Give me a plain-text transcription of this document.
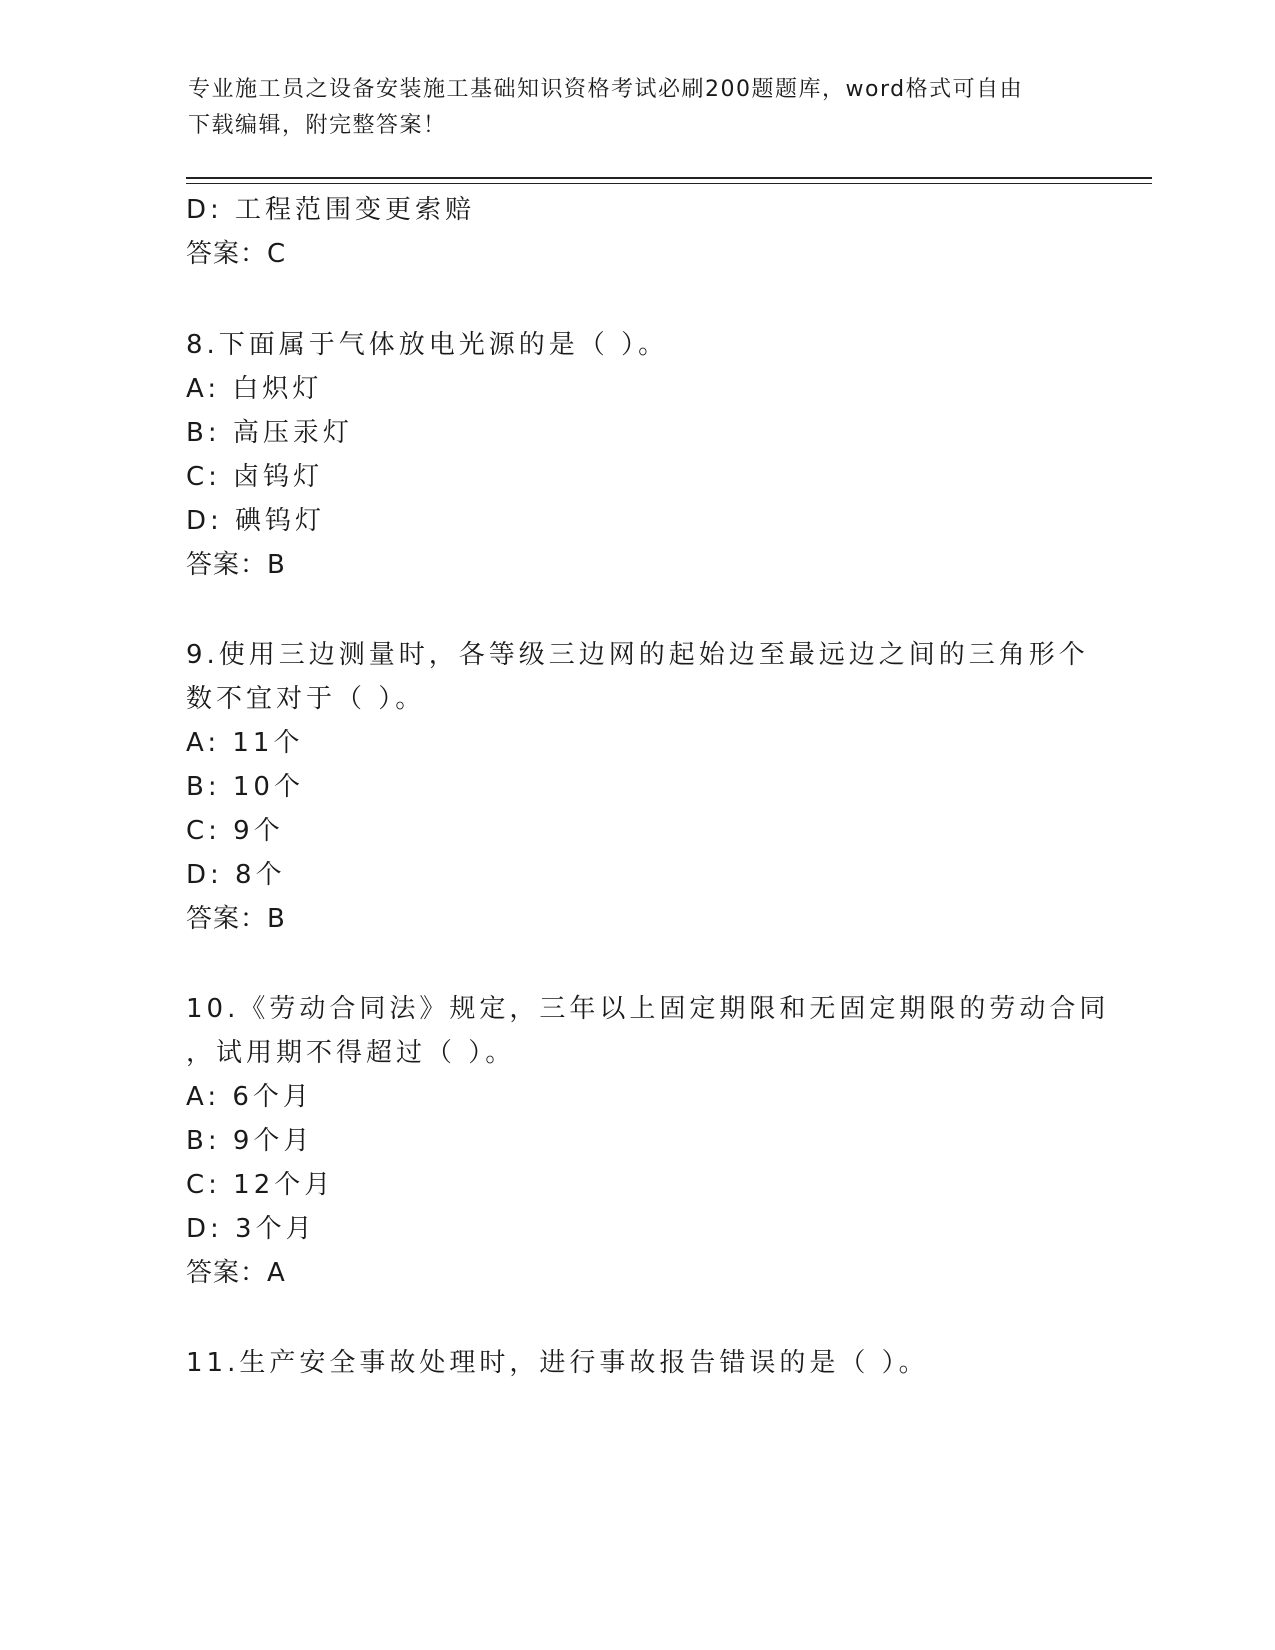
专业施工员之设备安装施工基础知识资格考试必刷200题题库，word格式可自由
下载编辑，附完整答案！
D: 工程范围变更索赔
答案：C
8.下面属于气体放电光源的是（ ）。
A: 白炽灯
B: 高压汞灯
C: 卤钨灯
D: 碘钨灯
答案：B
9.使用三边测量时，各等级三边网的起始边至最远边之间的三角形个
数不宜对于（ ）。
A: 11个
B: 10个
C: 9个
D: 8个
答案：B
10.《劳动合同法》规定，三年以上固定期限和无固定期限的劳动合同
，试用期不得超过（ ）。
A: 6个月
B: 9个月
C: 12个月
D: 3个月
答案：A
11.生产安全事故处理时，进行事故报告错误的是（ ）。
